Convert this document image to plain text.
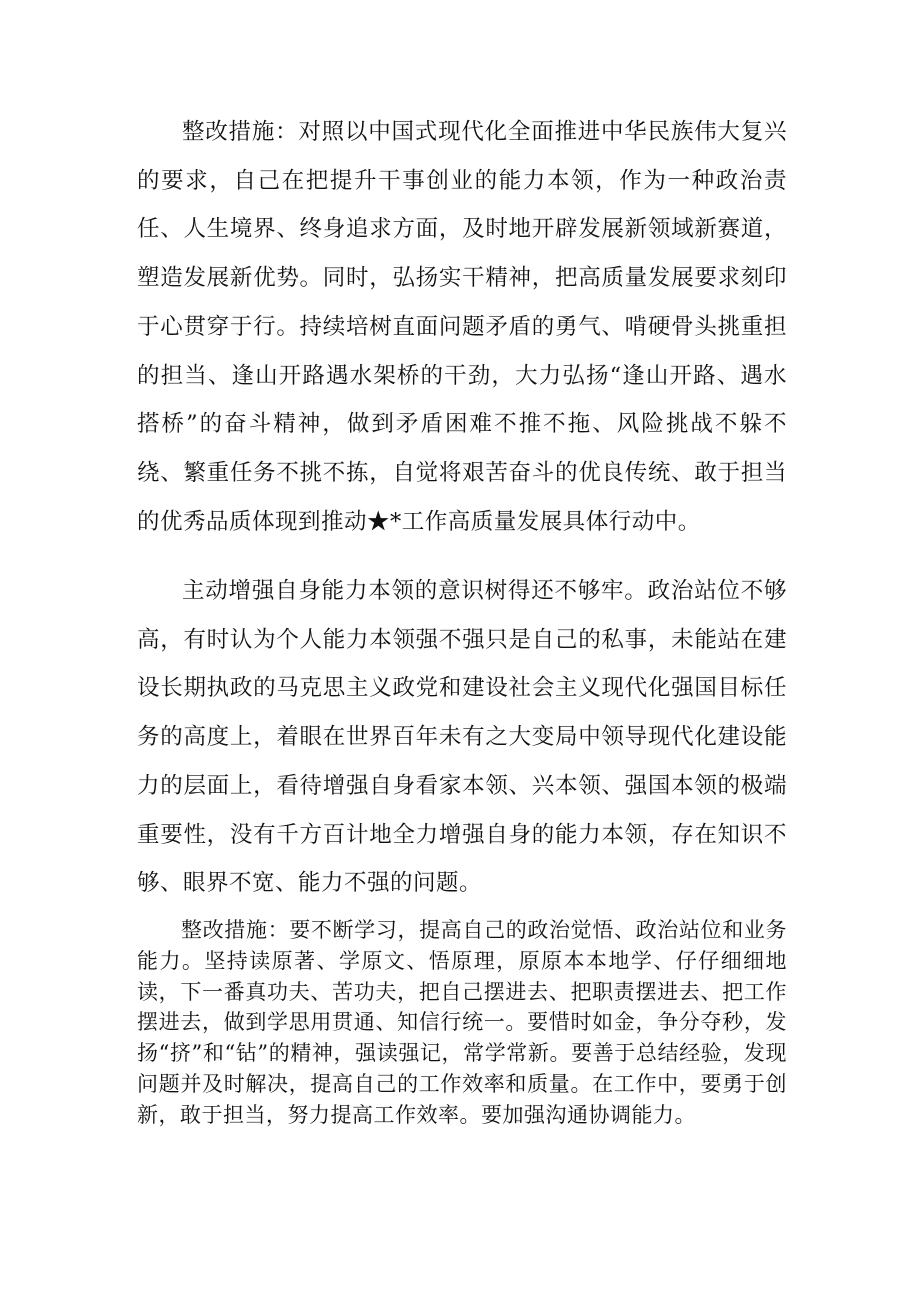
整改措施：对照以中国式现代化全面推进中华民族伟大复兴的要求，自己在把提升干事创业的能力本领，作为一种政治责任、人生境界、终身追求方面，及时地开辟发展新领域新赛道，塑造发展新优势。同时，弘扬实干精神，把高质量发展要求刻印于心贯穿于行。持续培树直面问题矛盾的勇气、啃硬骨头挑重担的担当、逢山开路遇水架桥的干劲，大力弘扬“逢山开路、遇水搭桥”的奋斗精神，做到矛盾困难不推不拖、风险挑战不躲不绕、繁重任务不挑不拣，自觉将艰苦奋斗的优良传统、敢于担当的优秀品质体现到推动★*工作高质量发展具体行动中。

主动增强自身能力本领的意识树得还不够牢。政治站位不够高，有时认为个人能力本领强不强只是自己的私事，未能站在建设长期执政的马克思主义政党和建设社会主义现代化强国目标任务的高度上，着眼在世界百年未有之大变局中领导现代化建设能力的层面上，看待增强自身看家本领、兴本领、强国本领的极端重要性，没有千方百计地全力增强自身的能力本领，存在知识不够、眼界不宽、能力不强的问题。

整改措施：要不断学习，提高自己的政治觉悟、政治站位和业务能力。坚持读原著、学原文、悟原理，原原本本地学、仔仔细细地读，下一番真功夫、苦功夫，把自己摆进去、把职责摆进去、把工作摆进去，做到学思用贯通、知信行统一。要惜时如金，争分夺秒，发扬“挤”和“钻”的精神，强读强记，常学常新。要善于总结经验，发现问题并及时解决，提高自己的工作效率和质量。在工作中，要勇于创新，敢于担当，努力提高工作效率。要加强沟通协调能力。
